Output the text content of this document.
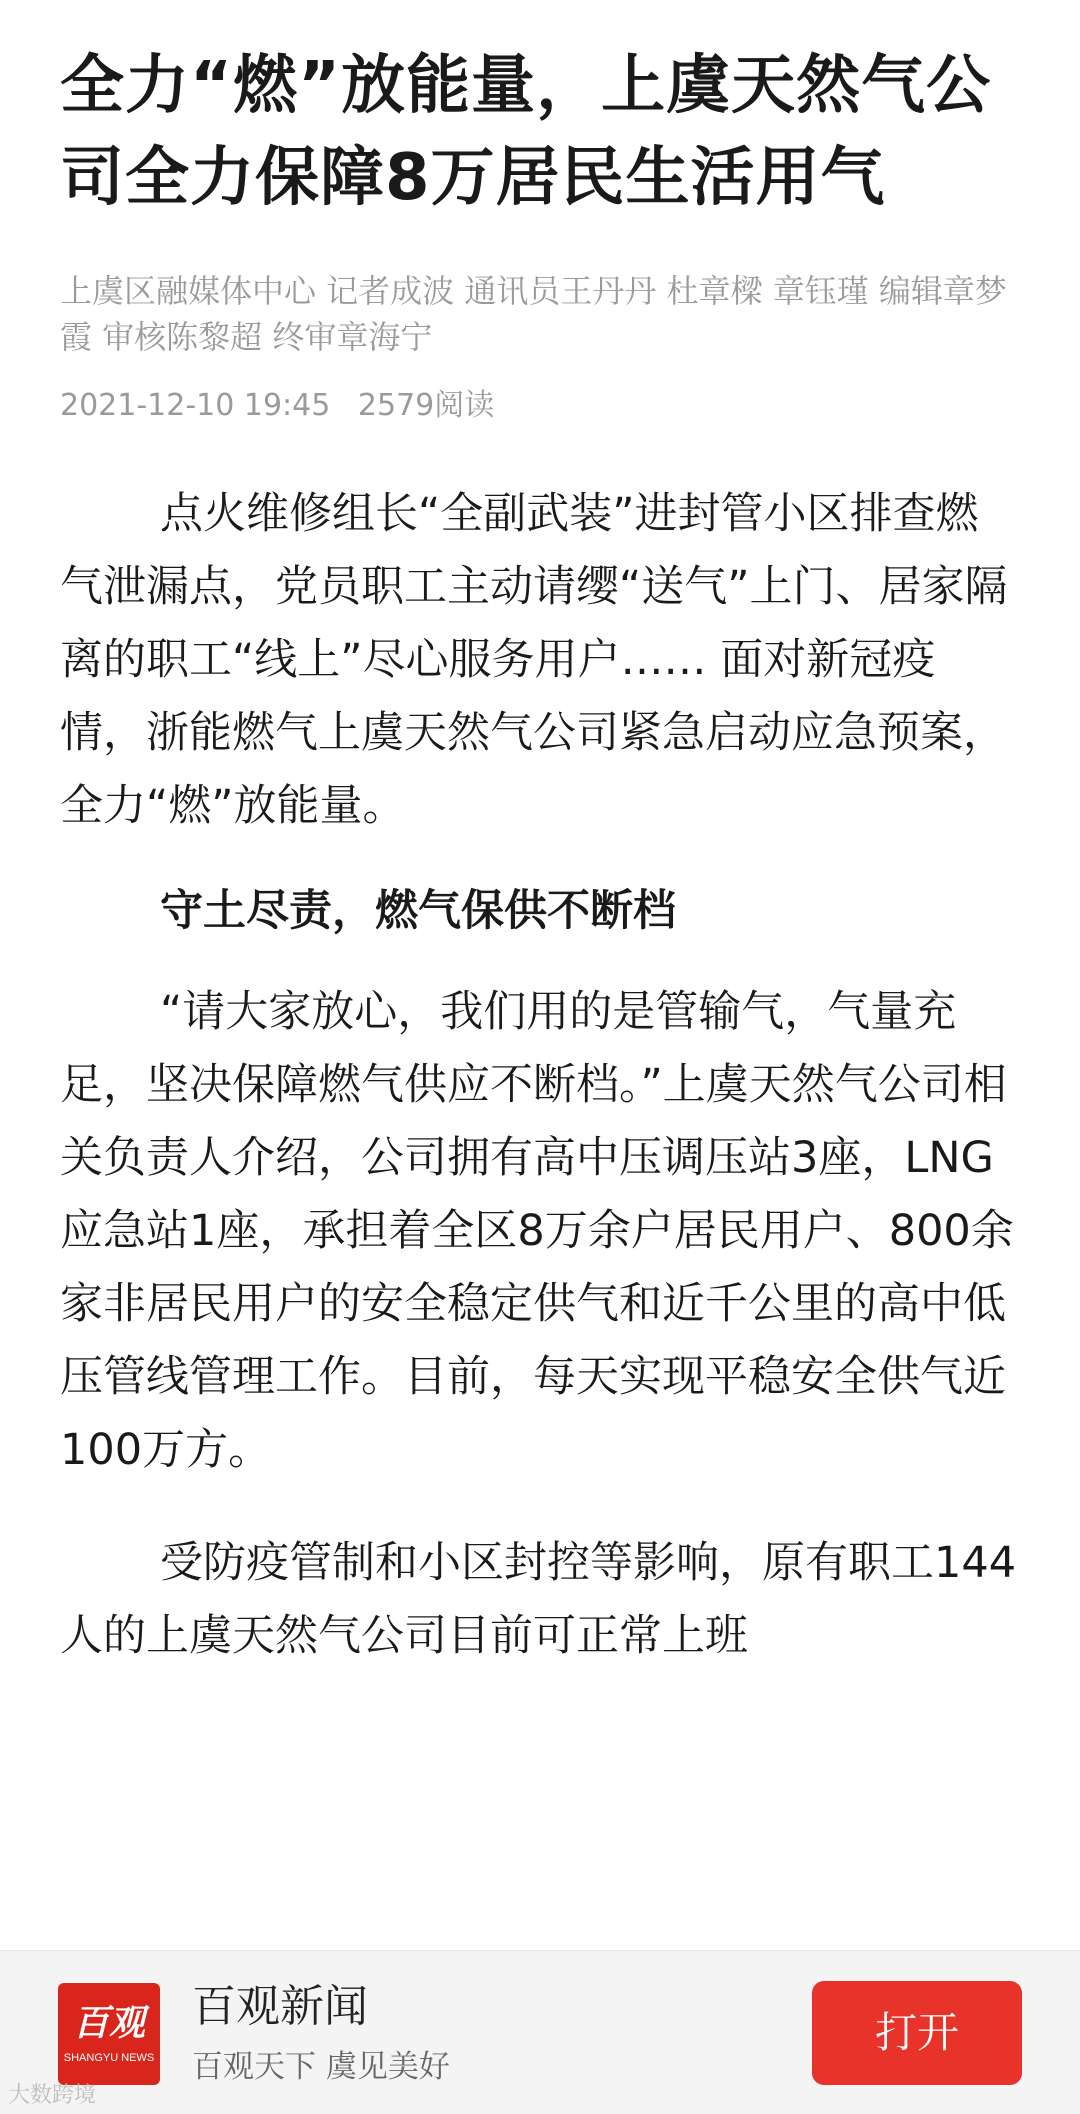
全力“燃”放能量，上虞天然气公司全力保障8万居民生活用气
上虞区融媒体中心 记者成波 通讯员王丹丹 杜章樑 章钰瑾 编辑章梦霞 审核陈黎超 终审章海宁
2021-12-10 19:45 2579阅读

点火维修组长“全副武装”进封管小区排查燃气泄漏点，党员职工主动请缨“送气”上门、居家隔离的职工“线上”尽心服务用户…… 面对新冠疫情，浙能燃气上虞天然气公司紧急启动应急预案，全力“燃”放能量。

守土尽责，燃气保供不断档

“请大家放心，我们用的是管输气，气量充足，坚决保障燃气供应不断档。”上虞天然气公司相关负责人介绍，公司拥有高中压调压站3座，LNG应急站1座，承担着全区8万余户居民用户、800余家非居民用户的安全稳定供气和近千公里的高中低压管线管理工作。目前，每天实现平稳安全供气近100万方。

受防疫管制和小区封控等影响，原有职工144人的上虞天然气公司目前可正常上班

百观
SHANGYU NEWS
百观新闻
百观天下 虞见美好
打开
大数跨境
